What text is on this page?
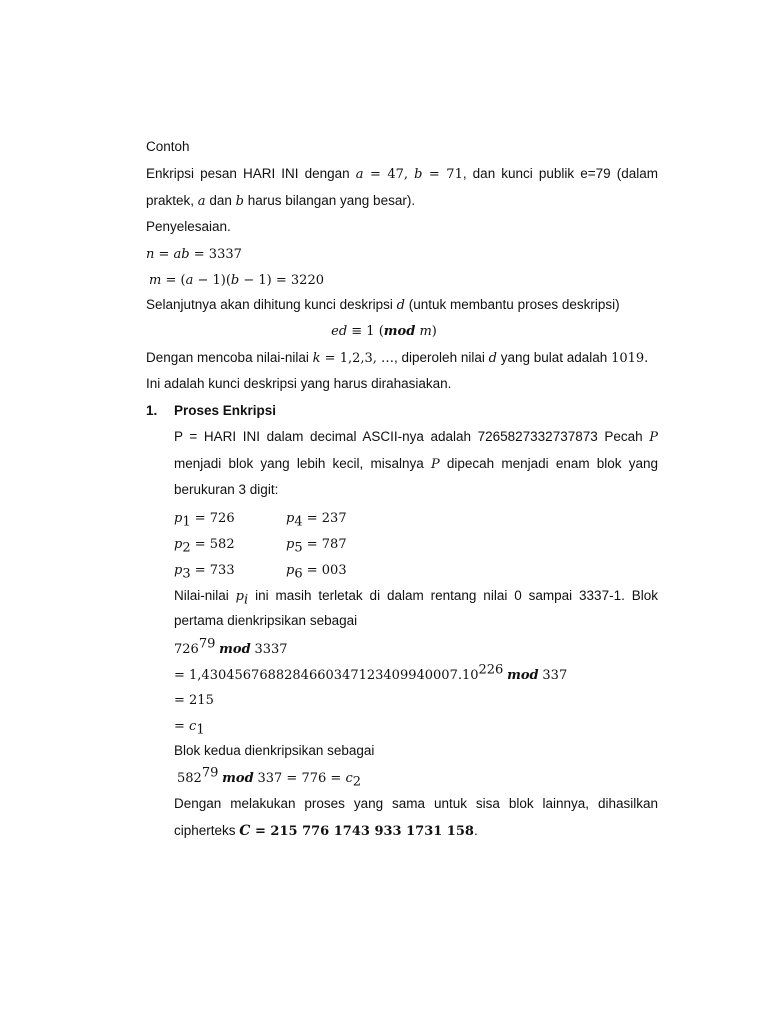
Contoh
Enkripsi pesan HARI INI dengan a = 47, b = 71, dan kunci publik e=79 (dalam
praktek, a dan b harus bilangan yang besar).
Penyelesaian.
n = ab = 3337
m = (a − 1)(b − 1) = 3220
Selanjutnya akan dihitung kunci deskripsi d (untuk membantu proses deskripsi)
ed ≡ 1 (mod m)
Dengan mencoba nilai-nilai k = 1,2,3, …, diperoleh nilai d yang bulat adalah 1019.
Ini adalah kunci deskripsi yang harus dirahasiakan.
1. Proses Enkripsi
P = HARI INI dalam decimal ASCII-nya adalah 7265827332737873 Pecah P
menjadi blok yang lebih kecil, misalnya P dipecah menjadi enam blok yang
berukuran 3 digit:
$p_1 = 726$	$p_4 = 237$
$p_2 = 582$	$p_5 = 787$
$p_3 = 733$	$p_6 = 003$
Nilai-nilai $p_i$ ini masih terletak di dalam rentang nilai 0 sampai 3337-1. Blok
pertama dienkripsikan sebagai
$726^{79}$ mod 3337
= $1,4304567688284660347123409940007.10^{226}$ mod 337
= 215
= $c_1$
Blok kedua dienkripsikan sebagai
$582^{79}$ mod $337 = 776 = c_2$
Dengan melakukan proses yang sama untuk sisa blok lainnya, dihasilkan
cipherteks C = 215 776 1743 933 1731 158.
